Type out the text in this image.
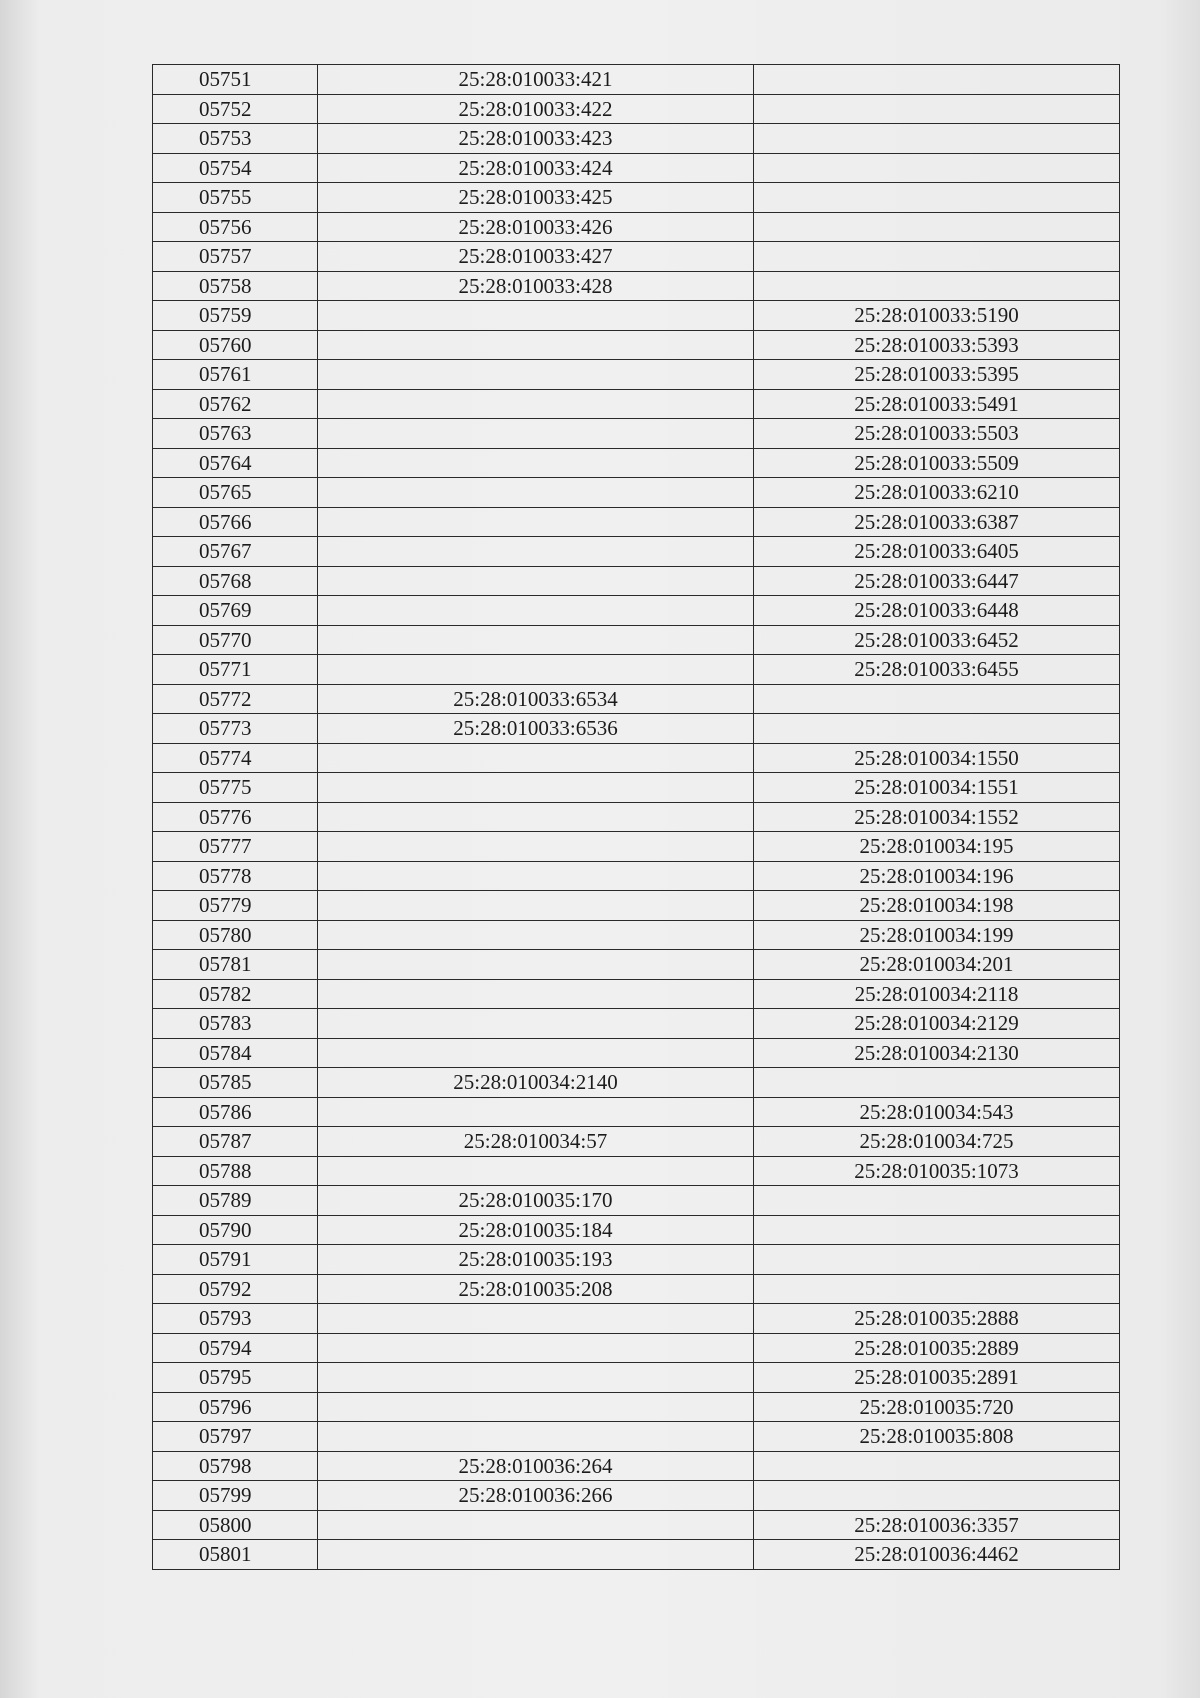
05751	25:28:010033:421	
05752	25:28:010033:422	
05753	25:28:010033:423	
05754	25:28:010033:424	
05755	25:28:010033:425	
05756	25:28:010033:426	
05757	25:28:010033:427	
05758	25:28:010033:428	
05759		25:28:010033:5190
05760		25:28:010033:5393
05761		25:28:010033:5395
05762		25:28:010033:5491
05763		25:28:010033:5503
05764		25:28:010033:5509
05765		25:28:010033:6210
05766		25:28:010033:6387
05767		25:28:010033:6405
05768		25:28:010033:6447
05769		25:28:010033:6448
05770		25:28:010033:6452
05771		25:28:010033:6455
05772	25:28:010033:6534	
05773	25:28:010033:6536	
05774		25:28:010034:1550
05775		25:28:010034:1551
05776		25:28:010034:1552
05777		25:28:010034:195
05778		25:28:010034:196
05779		25:28:010034:198
05780		25:28:010034:199
05781		25:28:010034:201
05782		25:28:010034:2118
05783		25:28:010034:2129
05784		25:28:010034:2130
05785	25:28:010034:2140	
05786		25:28:010034:543
05787	25:28:010034:57	25:28:010034:725
05788		25:28:010035:1073
05789	25:28:010035:170	
05790	25:28:010035:184	
05791	25:28:010035:193	
05792	25:28:010035:208	
05793		25:28:010035:2888
05794		25:28:010035:2889
05795		25:28:010035:2891
05796		25:28:010035:720
05797		25:28:010035:808
05798	25:28:010036:264	
05799	25:28:010036:266	
05800		25:28:010036:3357
05801		25:28:010036:4462
